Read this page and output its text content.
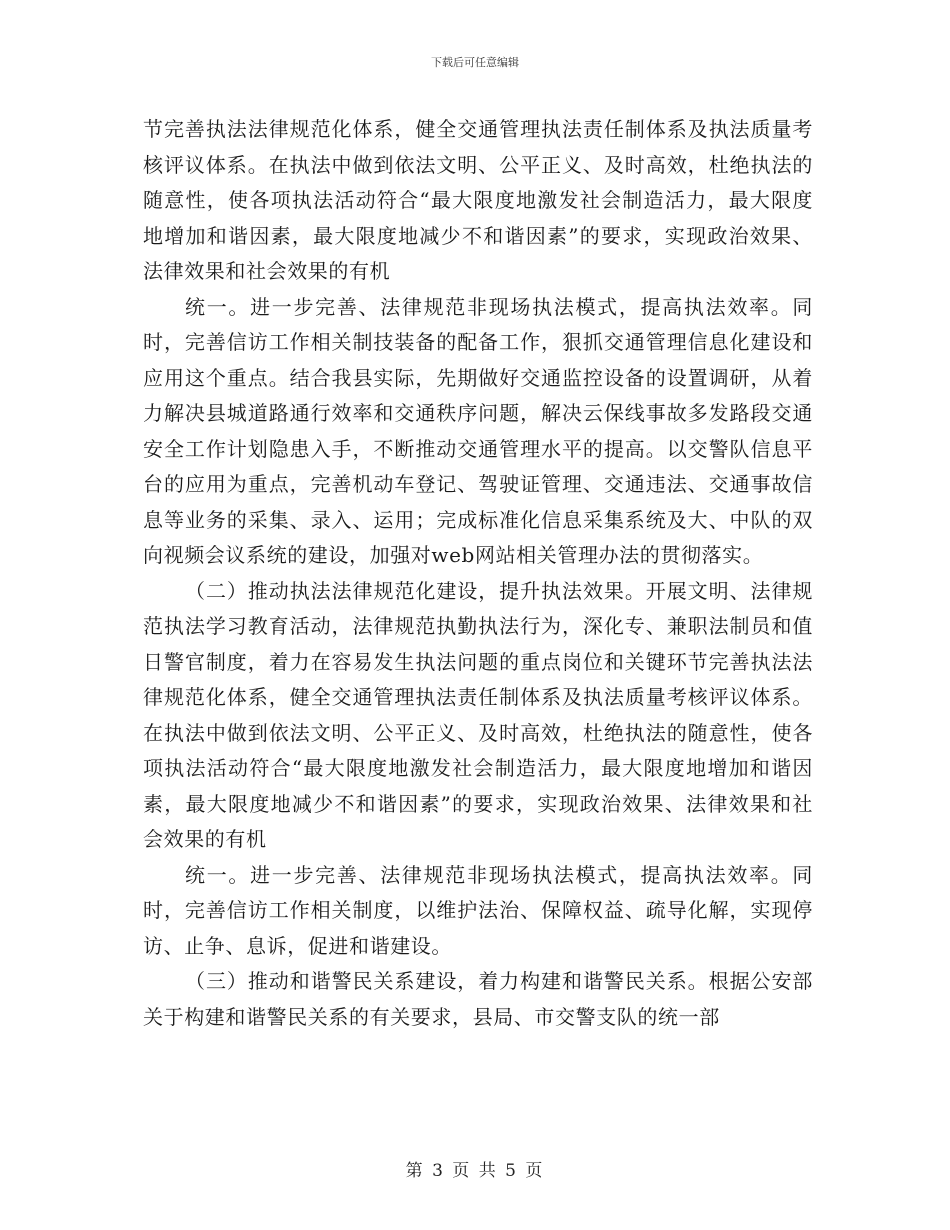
下载后可任意编辑

节完善执法法律规范化体系，健全交通管理执法责任制体系及执法质量考核评议体系。在执法中做到依法文明、公平正义、及时高效，杜绝执法的随意性，使各项执法活动符合“最大限度地激发社会制造活力，最大限度地增加和谐因素，最大限度地减少不和谐因素”的要求，实现政治效果、法律效果和社会效果的有机

统一。进一步完善、法律规范非现场执法模式，提高执法效率。同时，完善信访工作相关制技装备的配备工作，狠抓交通管理信息化建设和应用这个重点。结合我县实际，先期做好交通监控设备的设置调研，从着力解决县城道路通行效率和交通秩序问题，解决云保线事故多发路段交通安全工作计划隐患入手，不断推动交通管理水平的提高。以交警队信息平台的应用为重点，完善机动车登记、驾驶证管理、交通违法、交通事故信息等业务的采集、录入、运用；完成标准化信息采集系统及大、中队的双向视频会议系统的建设，加强对web网站相关管理办法的贯彻落实。

（二）推动执法法律规范化建设，提升执法效果。开展文明、法律规范执法学习教育活动，法律规范执勤执法行为，深化专、兼职法制员和值日警官制度，着力在容易发生执法问题的重点岗位和关键环节完善执法法律规范化体系，健全交通管理执法责任制体系及执法质量考核评议体系。在执法中做到依法文明、公平正义、及时高效，杜绝执法的随意性，使各项执法活动符合“最大限度地激发社会制造活力，最大限度地增加和谐因素，最大限度地减少不和谐因素”的要求，实现政治效果、法律效果和社会效果的有机

统一。进一步完善、法律规范非现场执法模式，提高执法效率。同时，完善信访工作相关制度，以维护法治、保障权益、疏导化解，实现停访、止争、息诉，促进和谐建设。

（三）推动和谐警民关系建设，着力构建和谐警民关系。根据公安部关于构建和谐警民关系的有关要求，县局、市交警支队的统一部

第 3 页 共 5 页
